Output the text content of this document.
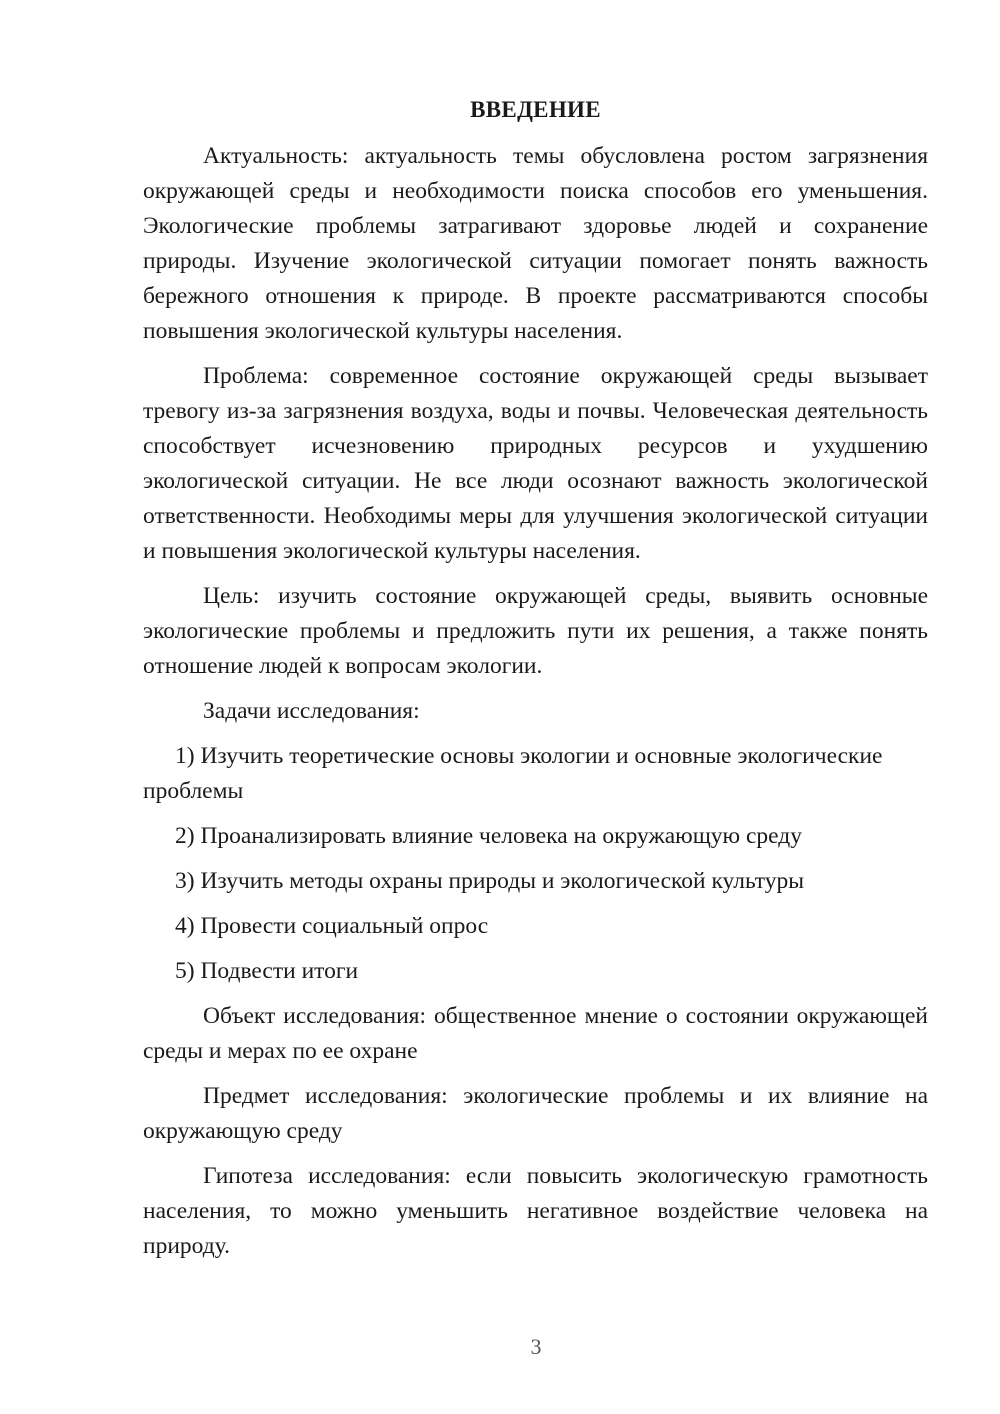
ВВЕДЕНИЕ

Актуальность: актуальность темы обусловлена ростом загрязнения окружающей среды и необходимости поиска способов его уменьшения. Экологические проблемы затрагивают здоровье людей и сохранение природы. Изучение экологической ситуации помогает понять важность бережного отношения к природе. В проекте рассматриваются способы повышения экологической культуры населения.

Проблема: современное состояние окружающей среды вызывает тревогу из-за загрязнения воздуха, воды и почвы. Человеческая деятельность способствует исчезновению природных ресурсов и ухудшению экологической ситуации. Не все люди осознают важность экологической ответственности. Необходимы меры для улучшения экологической ситуации и повышения экологической культуры населения.

Цель: изучить состояние окружающей среды, выявить основные экологические проблемы и предложить пути их решения, а также понять отношение людей к вопросам экологии.

Задачи исследования:

1) Изучить теоретические основы экологии и основные экологические проблемы

2) Проанализировать влияние человека на окружающую среду

3) Изучить методы охраны природы и экологической культуры

4) Провести социальный опрос

5) Подвести итоги

Объект исследования: общественное мнение о состоянии окружающей среды и мерах по ее охране

Предмет исследования: экологические проблемы и их влияние на окружающую среду

Гипотеза исследования: если повысить экологическую грамотность населения, то можно уменьшить негативное воздействие человека на природу.

3
